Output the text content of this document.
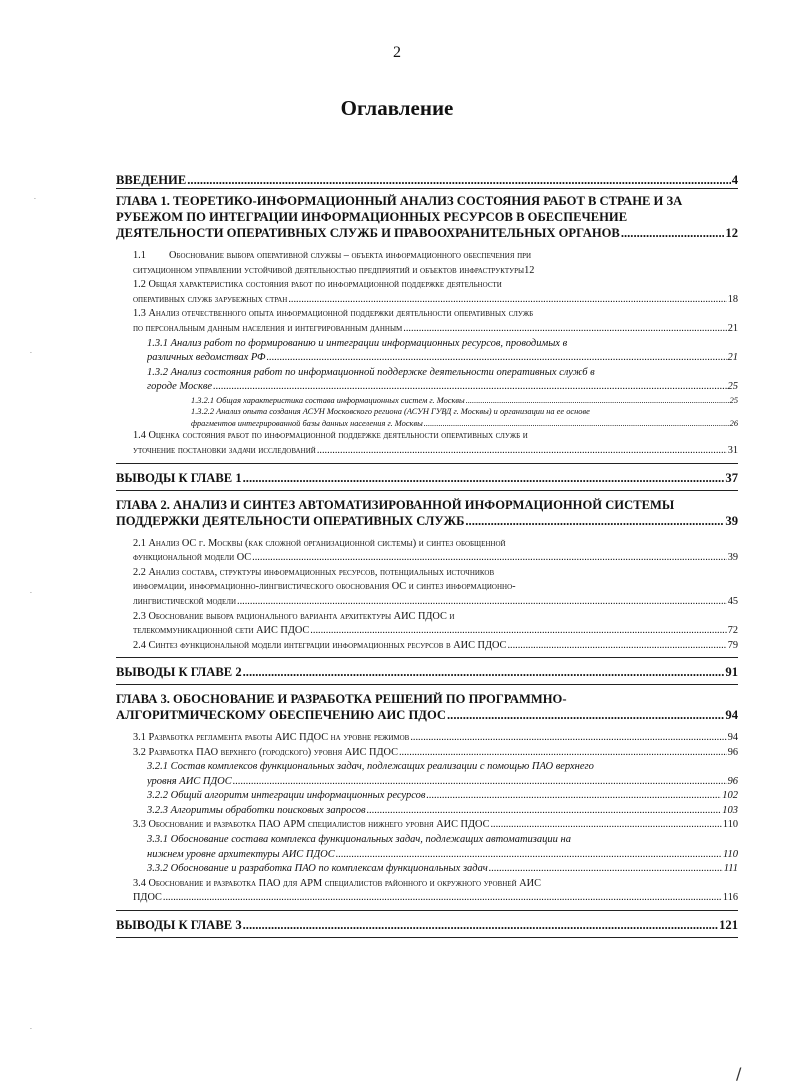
2
Оглавление
ВВЕДЕНИЕ .....	4
ГЛАВА 1. ТЕОРЕТИКО-ИНФОРМАЦИОННЫЙ АНАЛИЗ СОСТОЯНИЯ РАБОТ В СТРАНЕ И ЗА
РУБЕЖОМ ПО ИНТЕГРАЦИИ ИНФОРМАЦИОННЫХ РЕСУРСОВ В ОБЕСПЕЧЕНИЕ
ДЕЯТЕЛЬНОСТИ ОПЕРАТИВНЫХ СЛУЖБ И ПРАВООХРАНИТЕЛЬНЫХ ОРГАНОВ .....	12
1.1 Обоснование выбора оперативной службы – объекта информационного обеспечения при
ситуационном управлении устойчивой деятельностью предприятий и объектов инфраструктуры 12
1.2 Общая характеристика состояния работ по информационной поддержке деятельности
оперативных служб зарубежных стран .....	18
1.3 Анализ отечественного опыта информационной поддержки деятельности оперативных служб
по персональным данным населения и интегрированным данным .....	21
1.3.1 Анализ работ по формированию и интеграции информационных ресурсов, проводимых в
различных ведомствах РФ .....	21
1.3.2 Анализ состояния работ по информационной поддержке деятельности оперативных служб в
городе Москве .....	25
1.3.2.1 Общая характеристика состава информационных систем г. Москвы .....	25
1.3.2.2 Анализ опыта создания АСУН Московского региона (АСУН ГУВД г. Москвы) и организации на ее основе
фрагментов интегрированной базы данных населения г. Москвы .....	26
1.4 Оценка состояния работ по информационной поддержке деятельности оперативных служб и
уточнение постановки задачи исследований .....	31
ВЫВОДЫ К ГЛАВЕ 1 .....	37
ГЛАВА 2. АНАЛИЗ И СИНТЕЗ АВТОМАТИЗИРОВАННОЙ ИНФОРМАЦИОННОЙ СИСТЕМЫ
ПОДДЕРЖКИ ДЕЯТЕЛЬНОСТИ ОПЕРАТИВНЫХ СЛУЖБ .....	39
2.1 Анализ ОС г. Москвы (как сложной организационной системы) и синтез обобщенной
функциональной модели ОС .....	39
2.2 Анализ состава, структуры информационных ресурсов, потенциальных источников
информации, информационно-лингвистического обоснования ОС и синтез информационно-
лингвистической модели .....	45
2.3 Обоснование выбора рационального варианта архитектуры АИС ПДОС и
телекоммуникационной сети АИС ПДОС .....	72
2.4 Синтез функциональной модели интеграции информационных ресурсов в АИС ПДОС .....	79
ВЫВОДЫ К ГЛАВЕ 2 .....	91
ГЛАВА 3. ОБОСНОВАНИЕ И РАЗРАБОТКА РЕШЕНИЙ ПО ПРОГРАММНО-
АЛГОРИТМИЧЕСКОМУ ОБЕСПЕЧЕНИЮ АИС ПДОС .....	94
3.1 Разработка регламента работы АИС ПДОС на уровне режимов .....	94
3.2 Разработка ПАО верхнего (городского) уровня АИС ПДОС .....	96
3.2.1 Состав комплексов функциональных задач, подлежащих реализации с помощью ПАО верхнего
уровня АИС ПДОС .....	96
3.2.2 Общий алгоритм интеграции информационных ресурсов .....	102
3.2.3 Алгоритмы обработки поисковых запросов .....	103
3.3 Обоснование и разработка ПАО АРМ специалистов нижнего уровня АИС ПДОС .....	110
3.3.1 Обоснование состава комплекса функциональных задач, подлежащих автоматизации на
нижнем уровне архитектуры АИС ПДОС .....	110
3.3.2 Обоснование и разработка ПАО по комплексам функциональных задач .....	111
3.4 Обоснование и разработка ПАО для АРМ специалистов районного и окружного уровней АИС
ПДОС .....	116
ВЫВОДЫ К ГЛАВЕ 3 .....	121
·
·
·
·
/
